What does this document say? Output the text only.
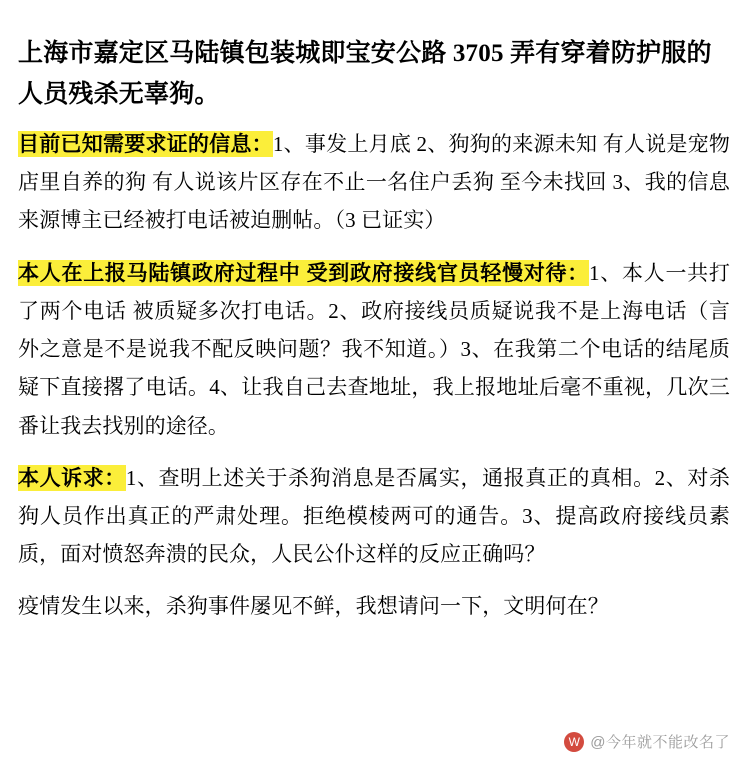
上海市嘉定区马陆镇包装城即宝安公路 3705 弄有穿着防护服的人员残杀无辜狗。

目前已知需要求证的信息：1、事发上月底 2、狗狗的来源未知 有人说是宠物店里自养的狗 有人说该片区存在不止一名住户丢狗 至今未找回 3、我的信息来源博主已经被打电话被迫删帖。（3 已证实）

本人在上报马陆镇政府过程中 受到政府接线官员轻慢对待：1、本人一共打了两个电话 被质疑多次打电话。2、政府接线员质疑说我不是上海电话（言外之意是不是说我不配反映问题？我不知道。）3、在我第二个电话的结尾质疑下直接撂了电话。4、让我自己去查地址，我上报地址后毫不重视，几次三番让我去找别的途径。

本人诉求：1、查明上述关于杀狗消息是否属实，通报真正的真相。2、对杀狗人员作出真正的严肃处理。拒绝模棱两可的通告。3、提高政府接线员素质，面对愤怒奔溃的民众，人民公仆这样的反应正确吗？

疫情发生以来，杀狗事件屡见不鲜，我想请问一下，文明何在？

W @今年就不能改名了
